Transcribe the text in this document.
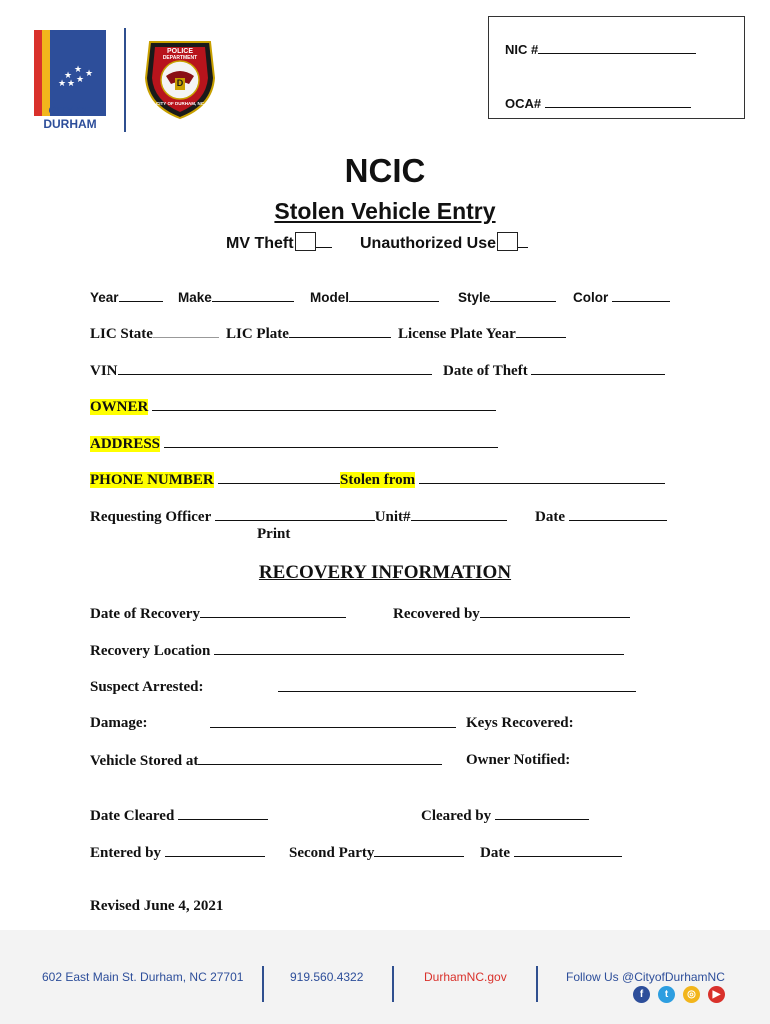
★ ★ ★
★
★
★
CITY OF
DURHAM
POLICE
DEPARTMENT
D
CITY OF DURHAM, NC
NIC #
OCA#
NCIC
Stolen Vehicle Entry
MV Theft	Unauthorized Use
Year	Make	Model	Style	Color
LIC State	LIC Plate	License Plate Year
VIN	Date of Theft
OWNER
ADDRESS
PHONE NUMBER	Stolen from
Requesting Officer	Unit#	Date
Print
RECOVERY INFORMATION
Date of Recovery	Recovered by
Recovery Location
Suspect Arrested:
Damage:	Keys Recovered:
Vehicle Stored at	Owner Notified:
Date Cleared	Cleared by
Entered by	Second Party	Date
Revised June 4, 2021
602 East Main St. Durham, NC 27701	919.560.4322	DurhamNC.gov	Follow Us @CityofDurhamNC
f	t	◎	▶
